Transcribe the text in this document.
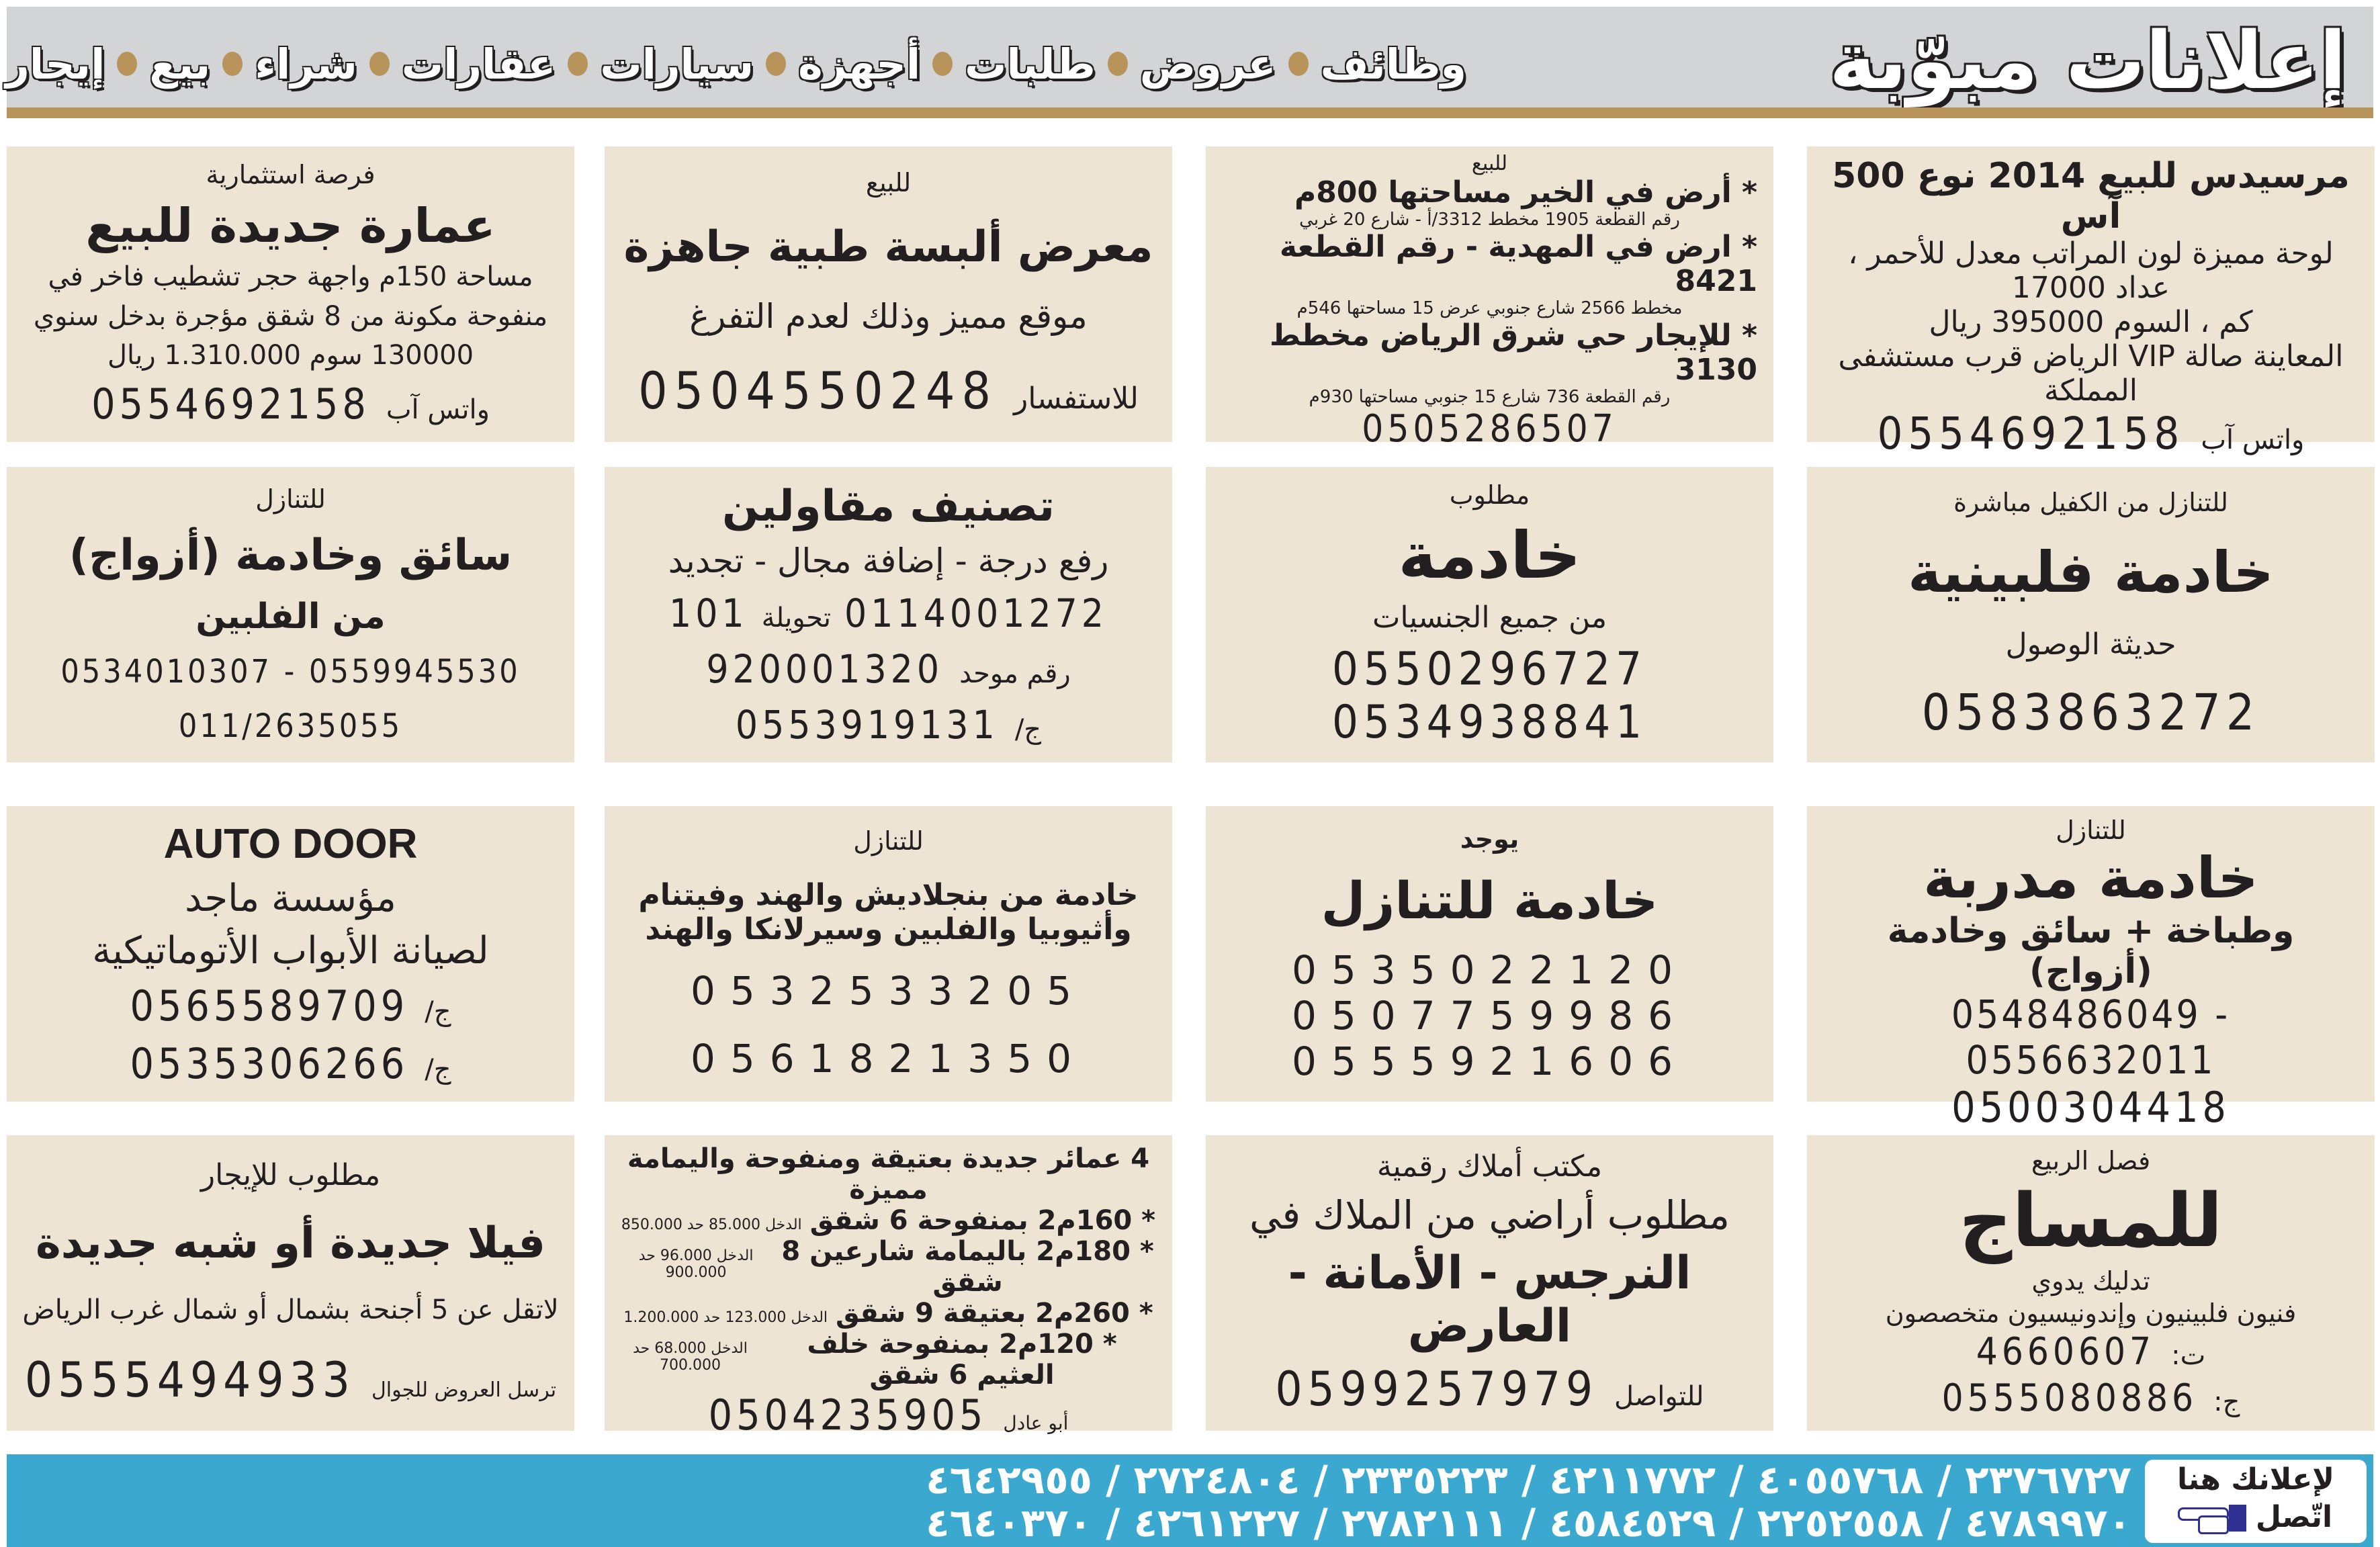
إعلانات مبوّبة
إيجار بيع شراء عقارات سيارات أجهزة طلبات عروض وظائف
مرسيدس للبيع 2014 نوع 500 آس
لوحة مميزة لون المراتب معدل للأحمر ، عداد 17000
كم ، السوم 395000 ريال
المعاينة صالة VIP الرياض قرب مستشفى المملكة
واتس آب
0554692158
للبيع
* أرض في الخير مساحتها 800م
رقم القطعة 1905 مخطط 3312/أ - شارع 20 غربي
* ارض في المهدية - رقم القطعة 8421
مخطط 2566 شارع جنوبي عرض 15 مساحتها 546م
* للإيجار حي شرق الرياض مخطط 3130
رقم القطعة 736 شارع 15 جنوبي مساحتها 930م
0505286507
للبيع
معرض ألبسة طبية جاهزة
موقع مميز وذلك لعدم التفرغ
للاستفسار
0504550248
فرصة استثمارية
عمارة جديدة للبيع
مساحة 150م واجهة حجر تشطيب فاخر في
منفوحة مكونة من 8 شقق مؤجرة بدخل سنوي
130000 سوم 1.310.000 ريال
واتس آب
0554692158
للتنازل من الكفيل مباشرة
خادمة فلبينية
حديثة الوصول
0583863272
مطلوب
خادمة
من جميع الجنسيات
0550296727
0534938841
تصنيف مقاولين
رفع درجة - إضافة مجال - تجديد
0114001272
تحويلة
101
رقم موحد
920001320
ج/
0553919131
للتنازل
سائق وخادمة (أزواج)
من الفلبين
0534010307 - 0559945530
011/2635055
للتنازل
خادمة مدربة
وطباخة + سائق وخادمة (أزواج)
0548486049 - 0556632011
0500304418
يوجد
خادمة للتنازل
0535022120
0507759986
0555921606
للتنازل
خادمة من بنجلاديش والهند وفيتنام
وأثيوبيا والفلبين وسيرلانكا والهند
0532533205
0561821350
AUTO DOOR
مؤسسة ماجد
لصيانة الأبواب الأتوماتيكية
ج/
0565589709
ج/
0535306266
فصل الربيع
للمساج
تدليك يدوي
فنيون فلبينيون وإندونيسيون متخصصون
ت:
4660607
ج:
0555080886
مكتب أملاك رقمية
مطلوب أراضي من الملاك في
النرجس - الأمانة - العارض
للتواصل
0599257979
4 عمائر جديدة بعتيقة ومنفوحة واليمامة مميزة
* 160م2 بمنفوحة 6 شقق
الدخل 85.000 حد 850.000
* 180م2 باليمامة شارعين 8 شقق
الدخل 96.000 حد 900.000
* 260م2 بعتيقة 9 شقق
الدخل 123.000 حد 1.200.000
* 120م2 بمنفوحة خلف العثيم 6 شقق
الدخل 68.000 حد 700.000
أبو عادل
0504235905
مطلوب للإيجار
فيلا جديدة أو شبه جديدة
لاتقل عن 5 أجنحة بشمال أو شمال غرب الرياض
ترسل العروض للجوال
0555494933
لإعلانك هنا
اتّصل
٢٣٧٦٧٢٧ / ٤٠٥٥٧٦٨ / ٤٢١١٧٧٢ / ٢٣٣٥٢٢٣ / ٢٧٢٤٨٠٤ / ٤٦٤٢٩٥٥
٤٧٨٩٩٧٠ / ٢٢٥٢٥٥٨ / ٤٥٨٤٥٢٩ / ٢٧٨٢١١١ / ٤٢٦١٢٢٧ / ٤٦٤٠٣٧٠
